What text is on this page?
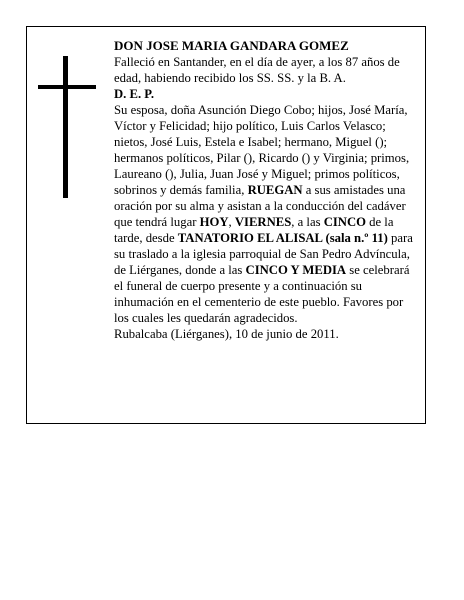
DON JOSE MARIA GANDARA GOMEZ

Falleció en Santander, en el día de ayer, a los 87 años de edad, habiendo recibido los SS. SS. y la B. A.

D. E. P.

Su esposa, doña Asunción Diego Cobo; hijos, José María, Víctor y Felicidad; hijo político, Luis Carlos Velasco; nietos, José Luis, Estela e Isabel; hermano, Miguel (); hermanos políticos, Pilar (), Ricardo () y Virginia; primos, Laureano (), Julia, Juan José y Miguel; primos políticos, sobrinos y demás familia, RUEGAN a sus amistades una oración por su alma y asistan a la conducción del cadáver que tendrá lugar HOY, VIERNES, a las CINCO de la tarde, desde TANATORIO EL ALISAL (sala n.º 11) para su traslado a la iglesia parroquial de San Pedro Advíncula, de Liérganes, donde a las CINCO Y MEDIA se celebrará el funeral de cuerpo presente y a continuación su inhumación en el cementerio de este pueblo. Favores por los cuales les quedarán agradecidos.

Rubalcaba (Liérganes), 10 de junio de 2011.
